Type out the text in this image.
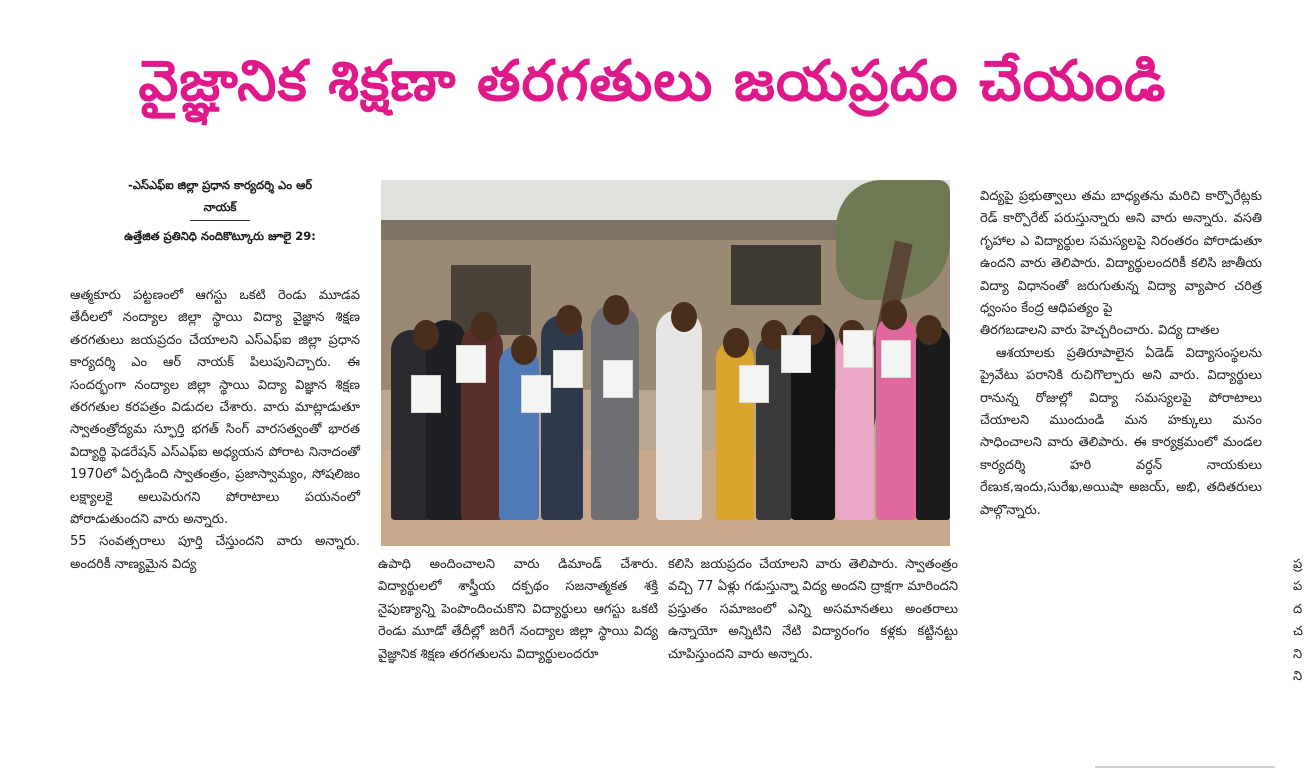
వైజ్ఞానిక శిక్షణా తరగతులు జయప్రదం చేయండి
-ఎస్ఎఫ్ఐ జిల్లా ప్రధాన కార్యదర్శి ఎం ఆర్
నాయక్
ఉత్తేజిత ప్రతినిధి నందికొట్కూరు జూలై 29:

ఆత్మకూరు పట్టణంలో ఆగస్టు ఒకటి రెండు మూడవ తేదీలలో నంద్యాల జిల్లా స్థాయి విద్యా వైజ్ఞాన శిక్షణ తరగతులు జయప్రదం చేయాలని ఎస్ఎఫ్ఐ జిల్లా ప్రధాన కార్యదర్శి ఎం ఆర్ నాయక్ పిలుపునిచ్చారు. ఈ సందర్భంగా నంద్యాల జిల్లా స్థాయి విద్యా విజ్ఞాన శిక్షణ తరగతుల కరపత్రం విడుదల చేశారు. వారు మాట్లాడుతూ స్వాతంత్రోద్యమ స్ఫూర్తి భగత్ సింగ్ వారసత్వంతో భారత విద్యార్థి ఫెడరేషన్ ఎస్ఎఫ్ఐ అధ్యయన పోరాట నినాదంతో 1970లో ఏర్పడింది స్వాతంత్రం, ప్రజాస్వామ్యం, సోషలిజం లక్ష్యాలకై అలుపెరుగని పోరాటాలు పయనంలో పోరాడుతుందని వారు అన్నారు.

55 సంవత్సరాలు పూర్తి చేస్తుందని వారు అన్నారు. అందరికీ నాణ్యమైన విద్య	ఉపాధి అందించాలని వారు డిమాండ్ చేశారు. విద్యార్థులలో శాస్త్రీయ దక్పథం సజనాత్మకత శక్తి నైపుణ్యాన్ని పెంపొందించుకొని విద్యార్థులు ఆగస్టు ఒకటి రెండు మూడో తేదీల్లో జరిగే నంద్యాల జిల్లా స్థాయి విద్య వైజ్ఞానిక శిక్షణ తరగతులను విద్యార్థులందరూ

కలిసి జయప్రదం చేయాలని వారు తెలిపారు. స్వాతంత్రం వచ్చి 77 ఏళ్లు గడుస్తున్నా విద్య అందని ద్రాక్షగా మారిందని ప్రస్తుతం సమాజంలో ఎన్ని అసమానతలు అంతరాలు ఉన్నాయో అన్నిటిని నేటి విద్యారంగం కళ్లకు కట్టినట్టు చూపిస్తుందని వారు అన్నారు.

విద్యపై ప్రభుత్వాలు తమ బాధ్యతను మరిచి కార్పొరేట్లకు రెడ్ కార్పొరేట్ పరుస్తున్నారు అని వారు అన్నారు. వసతి గృహాల ఎ విద్యార్థుల సమస్యలపై నిరంతరం పోరాడుతూ ఉందని వారు తెలిపారు. విద్యార్థులందరికీ కలిసి జాతీయ విద్యా విధానంతో జరుగుతున్న విద్యా వ్యాపార చరిత్ర ధ్వంసం కేంద్ర ఆధిపత్యం పై

తిరగబడాలని వారు హెచ్చరించారు. విద్య దాతల

ఆశయాలకు ప్రతిరూపాలైన ఏడెడ్ విద్యాసంస్థలను ప్రైవేటు పరానికి రుచిగొల్పారు అని వారు. విద్యార్థులు రానున్న రోజుల్లో విద్యా సమస్యలపై పోరాటాలు చేయాలని ముందుండి మన హక్కులు మనం సాధించాలని వారు తెలిపారు. ఈ కార్యక్రమంలో మండల కార్యదర్శి హరి వర్ధన్ నాయకులు రేణుక,ఇందు,సురేఖ,అయిషా అజయ్, అభి, తదితరులు పాల్గొన్నారు.

ప్ర ప ద చ ని ని
